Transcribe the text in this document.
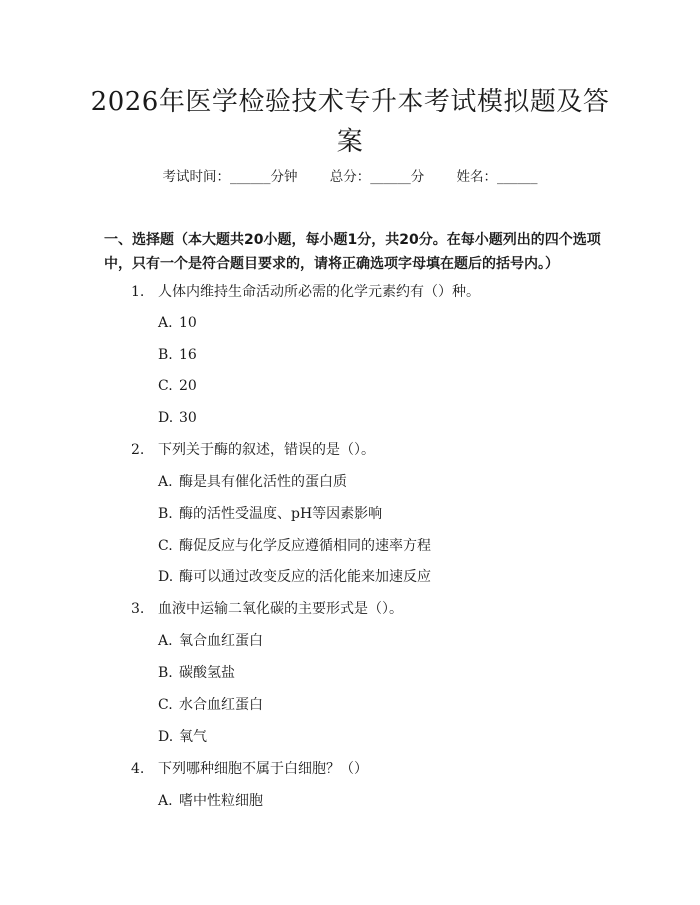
2026年医学检验技术专升本考试模拟题及答案
考试时间：______分钟 总分：______分 姓名：______
一、选择题（本大题共20小题，每小题1分，共20分。在每小题列出的四个选项中，只有一个是符合题目要求的，请将正确选项字母填在题后的括号内。）
1. 人体内维持生命活动所必需的化学元素约有（）种。
A. 10
B. 16
C. 20
D. 30
2. 下列关于酶的叙述，错误的是（）。
A. 酶是具有催化活性的蛋白质
B. 酶的活性受温度、pH等因素影响
C. 酶促反应与化学反应遵循相同的速率方程
D. 酶可以通过改变反应的活化能来加速反应
3. 血液中运输二氧化碳的主要形式是（）。
A. 氧合血红蛋白
B. 碳酸氢盐
C. 水合血红蛋白
D. 氧气
4. 下列哪种细胞不属于白细胞？（）
A. 嗜中性粒细胞
